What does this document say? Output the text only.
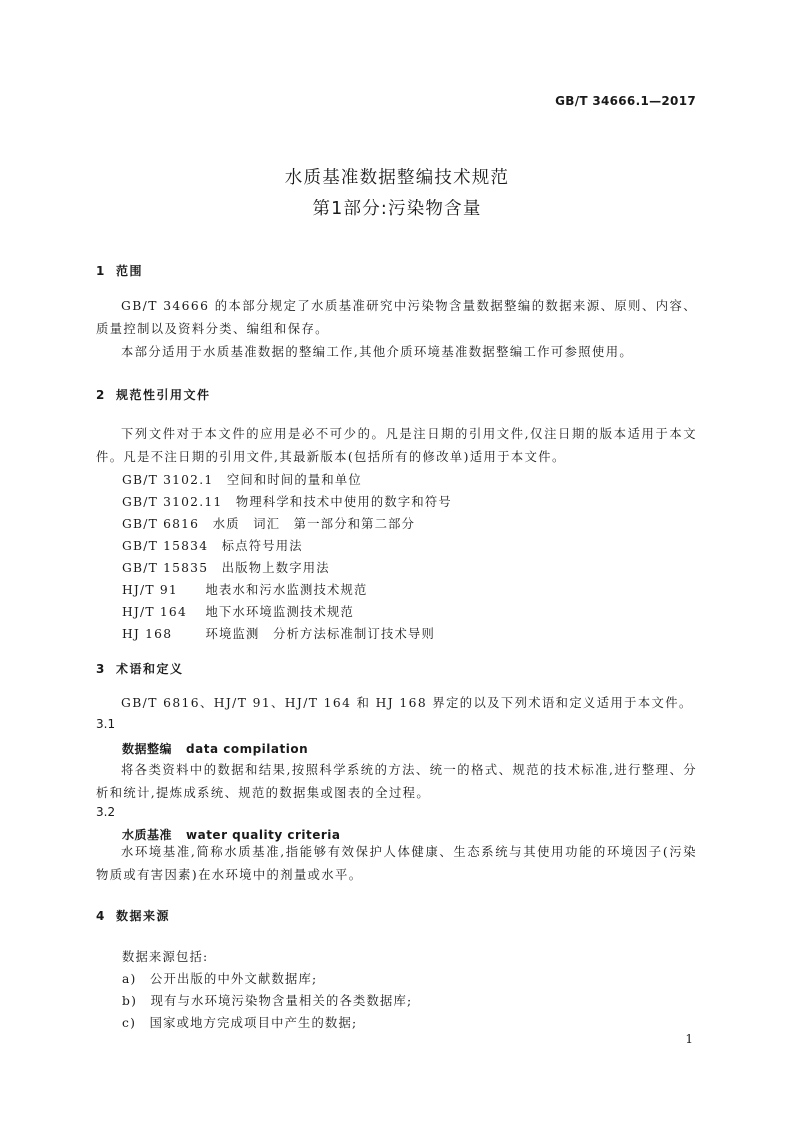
GB/T 34666.1—2017
水质基准数据整编技术规范
第1部分:污染物含量
1 范围
GB/T 34666 的本部分规定了水质基准研究中污染物含量数据整编的数据来源、原则、内容、质量控制以及资料分类、编组和保存。
本部分适用于水质基准数据的整编工作,其他介质环境基准数据整编工作可参照使用。
2 规范性引用文件
下列文件对于本文件的应用是必不可少的。凡是注日期的引用文件,仅注日期的版本适用于本文件。凡是不注日期的引用文件,其最新版本(包括所有的修改单)适用于本文件。
GB/T 3102.1　 空间和时间的量和单位
GB/T 3102.11　 物理科学和技术中使用的数字和符号
GB/T 6816　 水质　词汇　第一部分和第二部分
GB/T 15834　 标点符号用法
GB/T 15835　 出版物上数字用法
HJ/T 91　 地表水和污水监测技术规范
HJ/T 164　 地下水环境监测技术规范
HJ 168　	环境监测　分析方法标准制订技术导则
3 术语和定义
GB/T 6816、HJ/T 91、HJ/T 164 和 HJ 168 界定的以及下列术语和定义适用于本文件。
3.1
数据整编 data compilation
将各类资料中的数据和结果,按照科学系统的方法、统一的格式、规范的技术标准,进行整理、分析和统计,提炼成系统、规范的数据集或图表的全过程。
3.2
水质基准 water quality criteria
水环境基准,简称水质基准,指能够有效保护人体健康、生态系统与其使用功能的环境因子(污染物质或有害因素)在水环境中的剂量或水平。
4 数据来源
数据来源包括:
a)　 公开出版的中外文献数据库;
b)　 现有与水环境污染物含量相关的各类数据库;
c)　 国家或地方完成项目中产生的数据;
1
